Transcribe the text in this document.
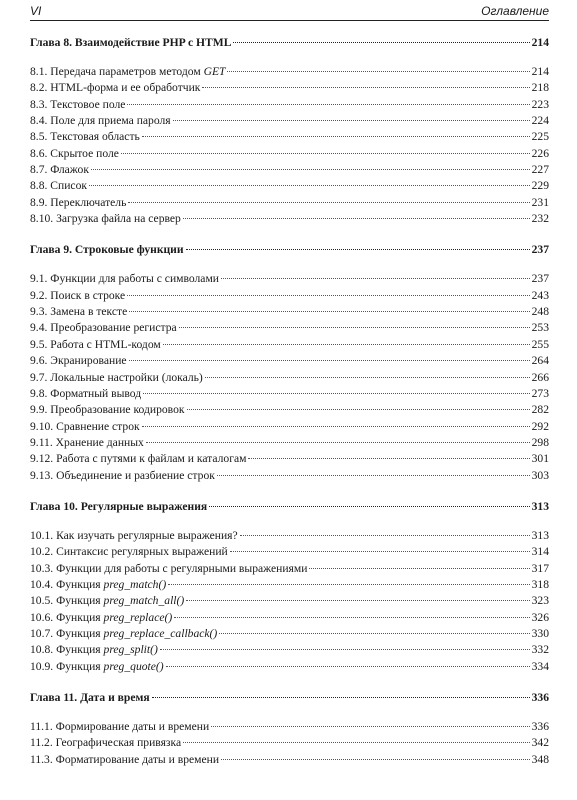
VI	Оглавление
Глава 8. Взаимодействие PHP с HTML	214
8.1. Передача параметров методом GET	214
8.2. HTML-форма и ее обработчик	218
8.3. Текстовое поле	223
8.4. Поле для приема пароля	224
8.5. Текстовая область	225
8.6. Скрытое поле	226
8.7. Флажок	227
8.8. Список	229
8.9. Переключатель	231
8.10. Загрузка файла на сервер	232
Глава 9. Строковые функции	237
9.1. Функции для работы с символами	237
9.2. Поиск в строке	243
9.3. Замена в тексте	248
9.4. Преобразование регистра	253
9.5. Работа с HTML-кодом	255
9.6. Экранирование	264
9.7. Локальные настройки (локаль)	266
9.8. Форматный вывод	273
9.9. Преобразование кодировок	282
9.10. Сравнение строк	292
9.11. Хранение данных	298
9.12. Работа с путями к файлам и каталогам	301
9.13. Объединение и разбиение строк	303
Глава 10. Регулярные выражения	313
10.1. Как изучать регулярные выражения?	313
10.2. Синтаксис регулярных выражений	314
10.3. Функции для работы с регулярными выражениями	317
10.4. Функция preg_match()	318
10.5. Функция preg_match_all()	323
10.6. Функция preg_replace()	326
10.7. Функция preg_replace_callback()	330
10.8. Функция preg_split()	332
10.9. Функция preg_quote()	334
Глава 11. Дата и время	336
11.1. Формирование даты и времени	336
11.2. Географическая привязка	342
11.3. Форматирование даты и времени	348
